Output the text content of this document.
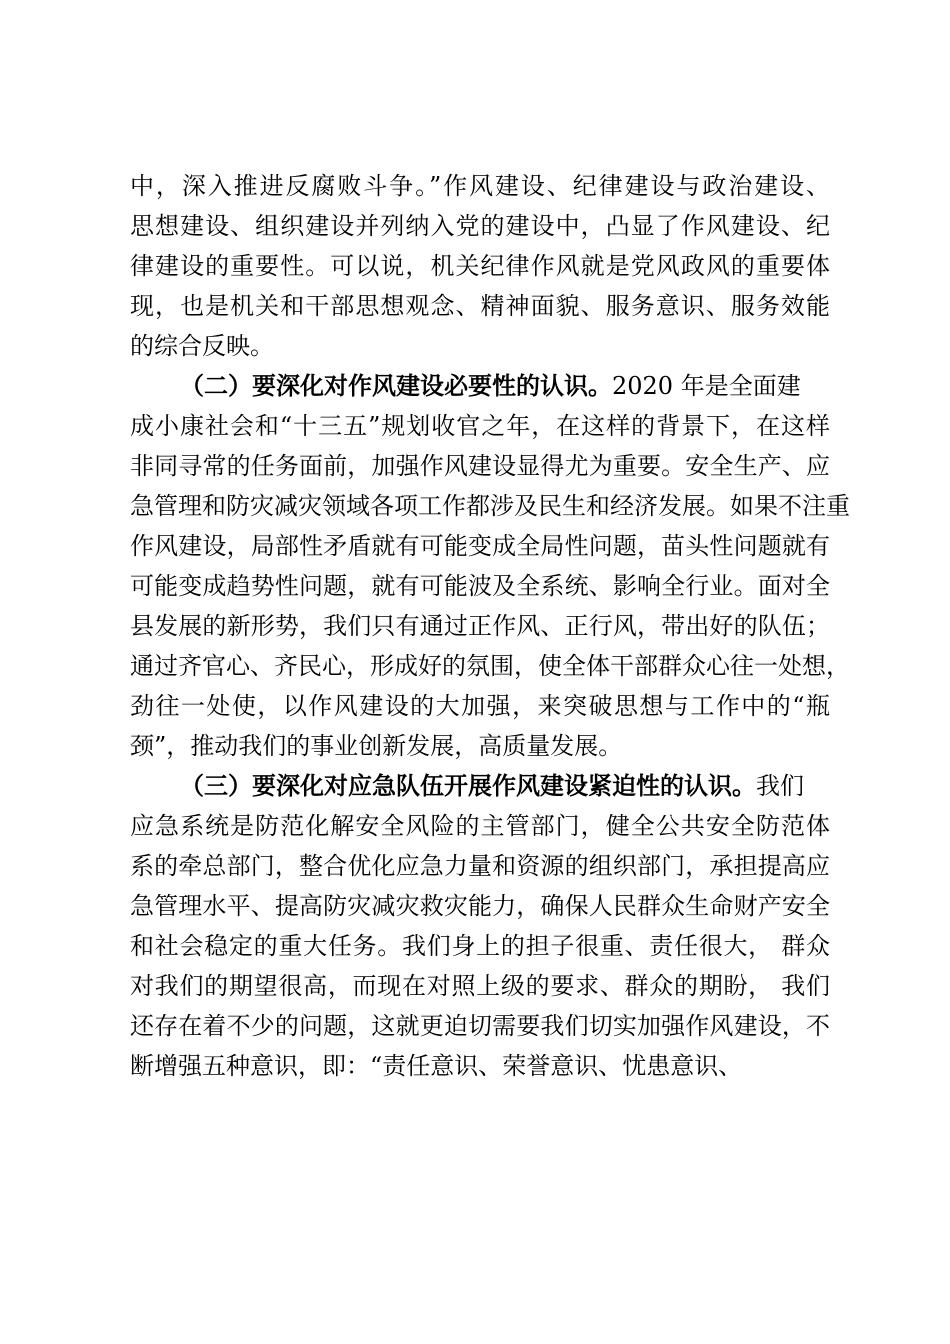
中，深入推进反腐败斗争。”作风建设、纪律建设与政治建设、
思想建设、组织建设并列纳入党的建设中，凸显了作风建设、纪
律建设的重要性。可以说，机关纪律作风就是党风政风的重要体
现，也是机关和干部思想观念、精神面貌、服务意识、服务效能
的综合反映。
（二）要深化对作风建设必要性的认识。2020 年是全面建
成小康社会和“十三五”规划收官之年，在这样的背景下，在这样
非同寻常的任务面前，加强作风建设显得尤为重要。安全生产、应
急管理和防灾减灾领域各项工作都涉及民生和经济发展。如果不注重
作风建设，局部性矛盾就有可能变成全局性问题，苗头性问题就有
可能变成趋势性问题，就有可能波及全系统、影响全行业。面对全
县发展的新形势，我们只有通过正作风、正行风，带出好的队伍；
通过齐官心、齐民心，形成好的氛围，使全体干部群众心往一处想，
劲往一处使，以作风建设的大加强，来突破思想与工作中的“瓶
颈”，推动我们的事业创新发展，高质量发展。
（三）要深化对应急队伍开展作风建设紧迫性的认识。我们
应急系统是防范化解安全风险的主管部门，健全公共安全防范体
系的牵总部门，整合优化应急力量和资源的组织部门，承担提高应
急管理水平、提高防灾减灾救灾能力，确保人民群众生命财产安全
和社会稳定的重大任务。我们身上的担子很重、责任很大， 群众
对我们的期望很高，而现在对照上级的要求、群众的期盼， 我们
还存在着不少的问题，这就更迫切需要我们切实加强作风建设，不
断增强五种意识，即：“责任意识、荣誉意识、忧患意识、
